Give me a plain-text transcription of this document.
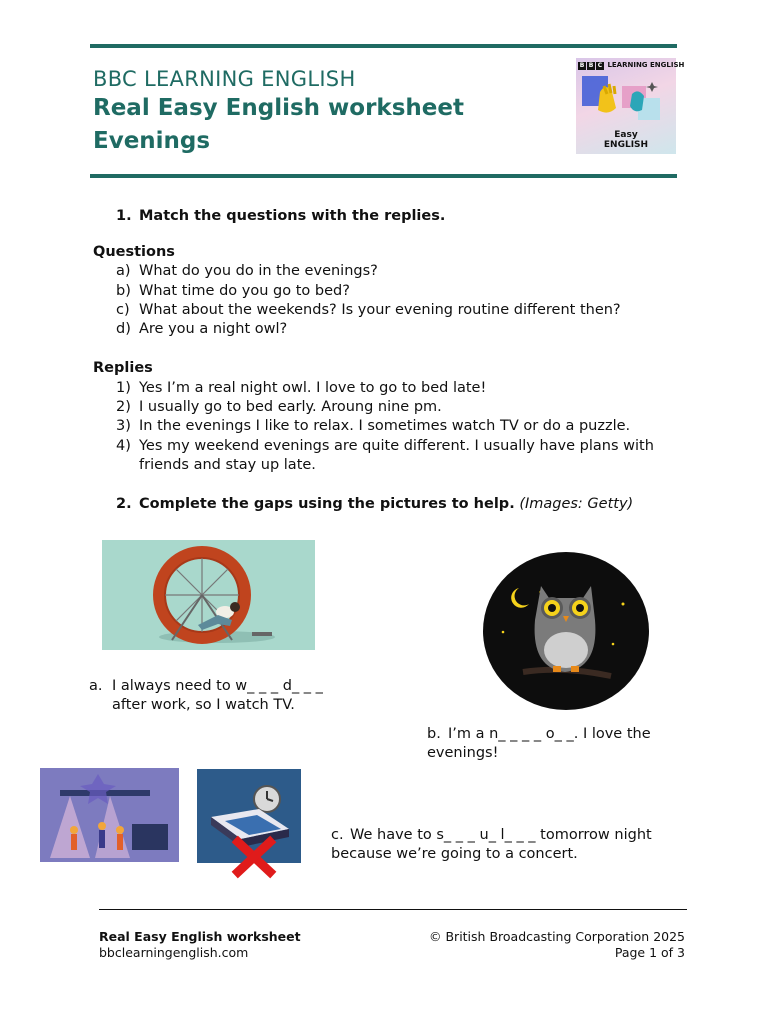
BBC LEARNING ENGLISH
Real Easy English worksheet
Evenings
B B C LEARNING ENGLISH
Easy
ENGLISH
1. Match the questions with the replies.
Questions
a) What do you do in the evenings?
b) What time do you go to bed?
c) What about the weekends? Is your evening routine different then?
d) Are you a night owl?
Replies
1) Yes I’m a real night owl. I love to go to bed late!
2) I usually go to bed early. Aroung nine pm.
3) In the evenings I like to relax. I sometimes watch TV or do a puzzle.
4) Yes my weekend evenings are quite different. I usually have plans with
friends and stay up late.
2. Complete the gaps using the pictures to help. (Images: Getty)
a. I always need to w_ _ _ d_ _ _
after work, so I watch TV.
b. I’m a n_ _ _ _ o_ _. I love the
evenings!
c. We have to s_ _ _ u_ l_ _ _ tomorrow night
because we’re going to a concert.
Real Easy English worksheet
bbclearningenglish.com
© British Broadcasting Corporation 2025
Page 1 of 3
